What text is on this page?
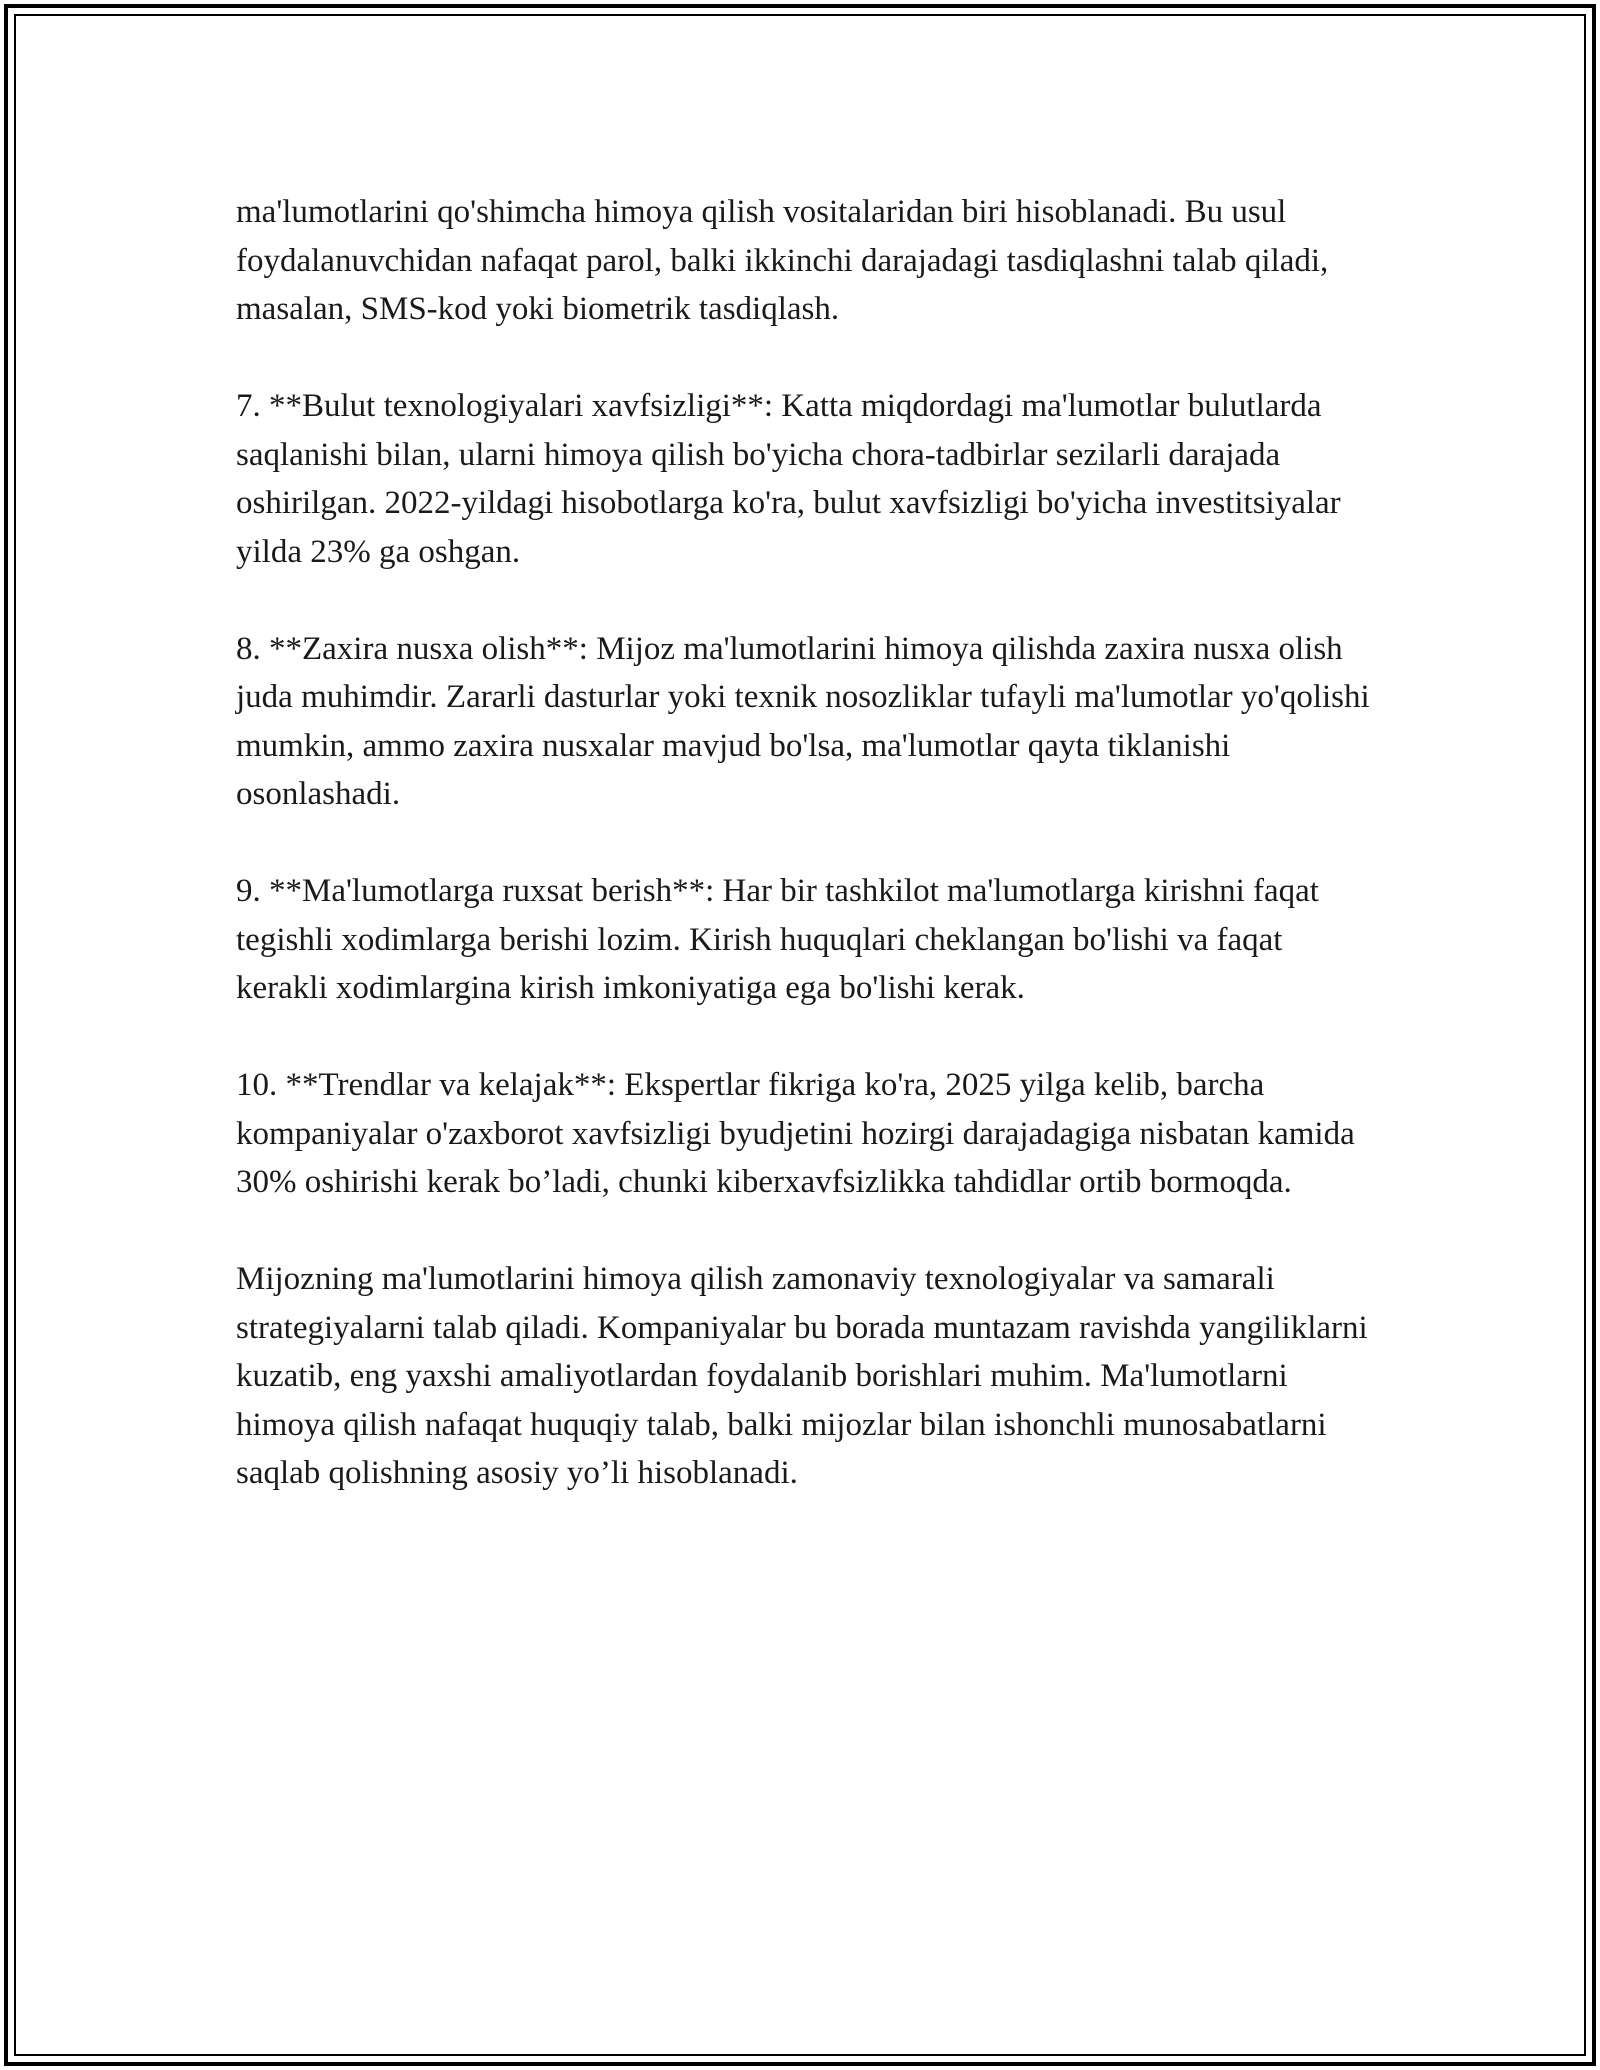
ma'lumotlarini qo'shimcha himoya qilish vositalaridan biri hisoblanadi. Bu usul foydalanuvchidan nafaqat parol, balki ikkinchi darajadagi tasdiqlashni talab qiladi, masalan, SMS-kod yoki biometrik tasdiqlash.

7. **Bulut texnologiyalari xavfsizligi**: Katta miqdordagi ma'lumotlar bulutlarda saqlanishi bilan, ularni himoya qilish bo'yicha chora-tadbirlar sezilarli darajada oshirilgan. 2022-yildagi hisobotlarga ko'ra, bulut xavfsizligi bo'yicha investitsiyalar yilda 23% ga oshgan.

8. **Zaxira nusxa olish**: Mijoz ma'lumotlarini himoya qilishda zaxira nusxa olish juda muhimdir. Zararli dasturlar yoki texnik nosozliklar tufayli ma'lumotlar yo'qolishi mumkin, ammo zaxira nusxalar mavjud bo'lsa, ma'lumotlar qayta tiklanishi osonlashadi.

9. **Ma'lumotlarga ruxsat berish**: Har bir tashkilot ma'lumotlarga kirishni faqat tegishli xodimlarga berishi lozim. Kirish huquqlari cheklangan bo'lishi va faqat kerakli xodimlargina kirish imkoniyatiga ega bo'lishi kerak.

10. **Trendlar va kelajak**: Ekspertlar fikriga ko'ra, 2025 yilga kelib, barcha kompaniyalar o'zaxborot xavfsizligi byudjetini hozirgi darajadagiga nisbatan kamida 30% oshirishi kerak bo’ladi, chunki kiberxavfsizlikka tahdidlar ortib bormoqda.

Mijozning ma'lumotlarini himoya qilish zamonaviy texnologiyalar va samarali strategiyalarni talab qiladi. Kompaniyalar bu borada muntazam ravishda yangiliklarni kuzatib, eng yaxshi amaliyotlardan foydalanib borishlari muhim. Ma'lumotlarni himoya qilish nafaqat huquqiy talab, balki mijozlar bilan ishonchli munosabatlarni saqlab qolishning asosiy yo’li hisoblanadi.
